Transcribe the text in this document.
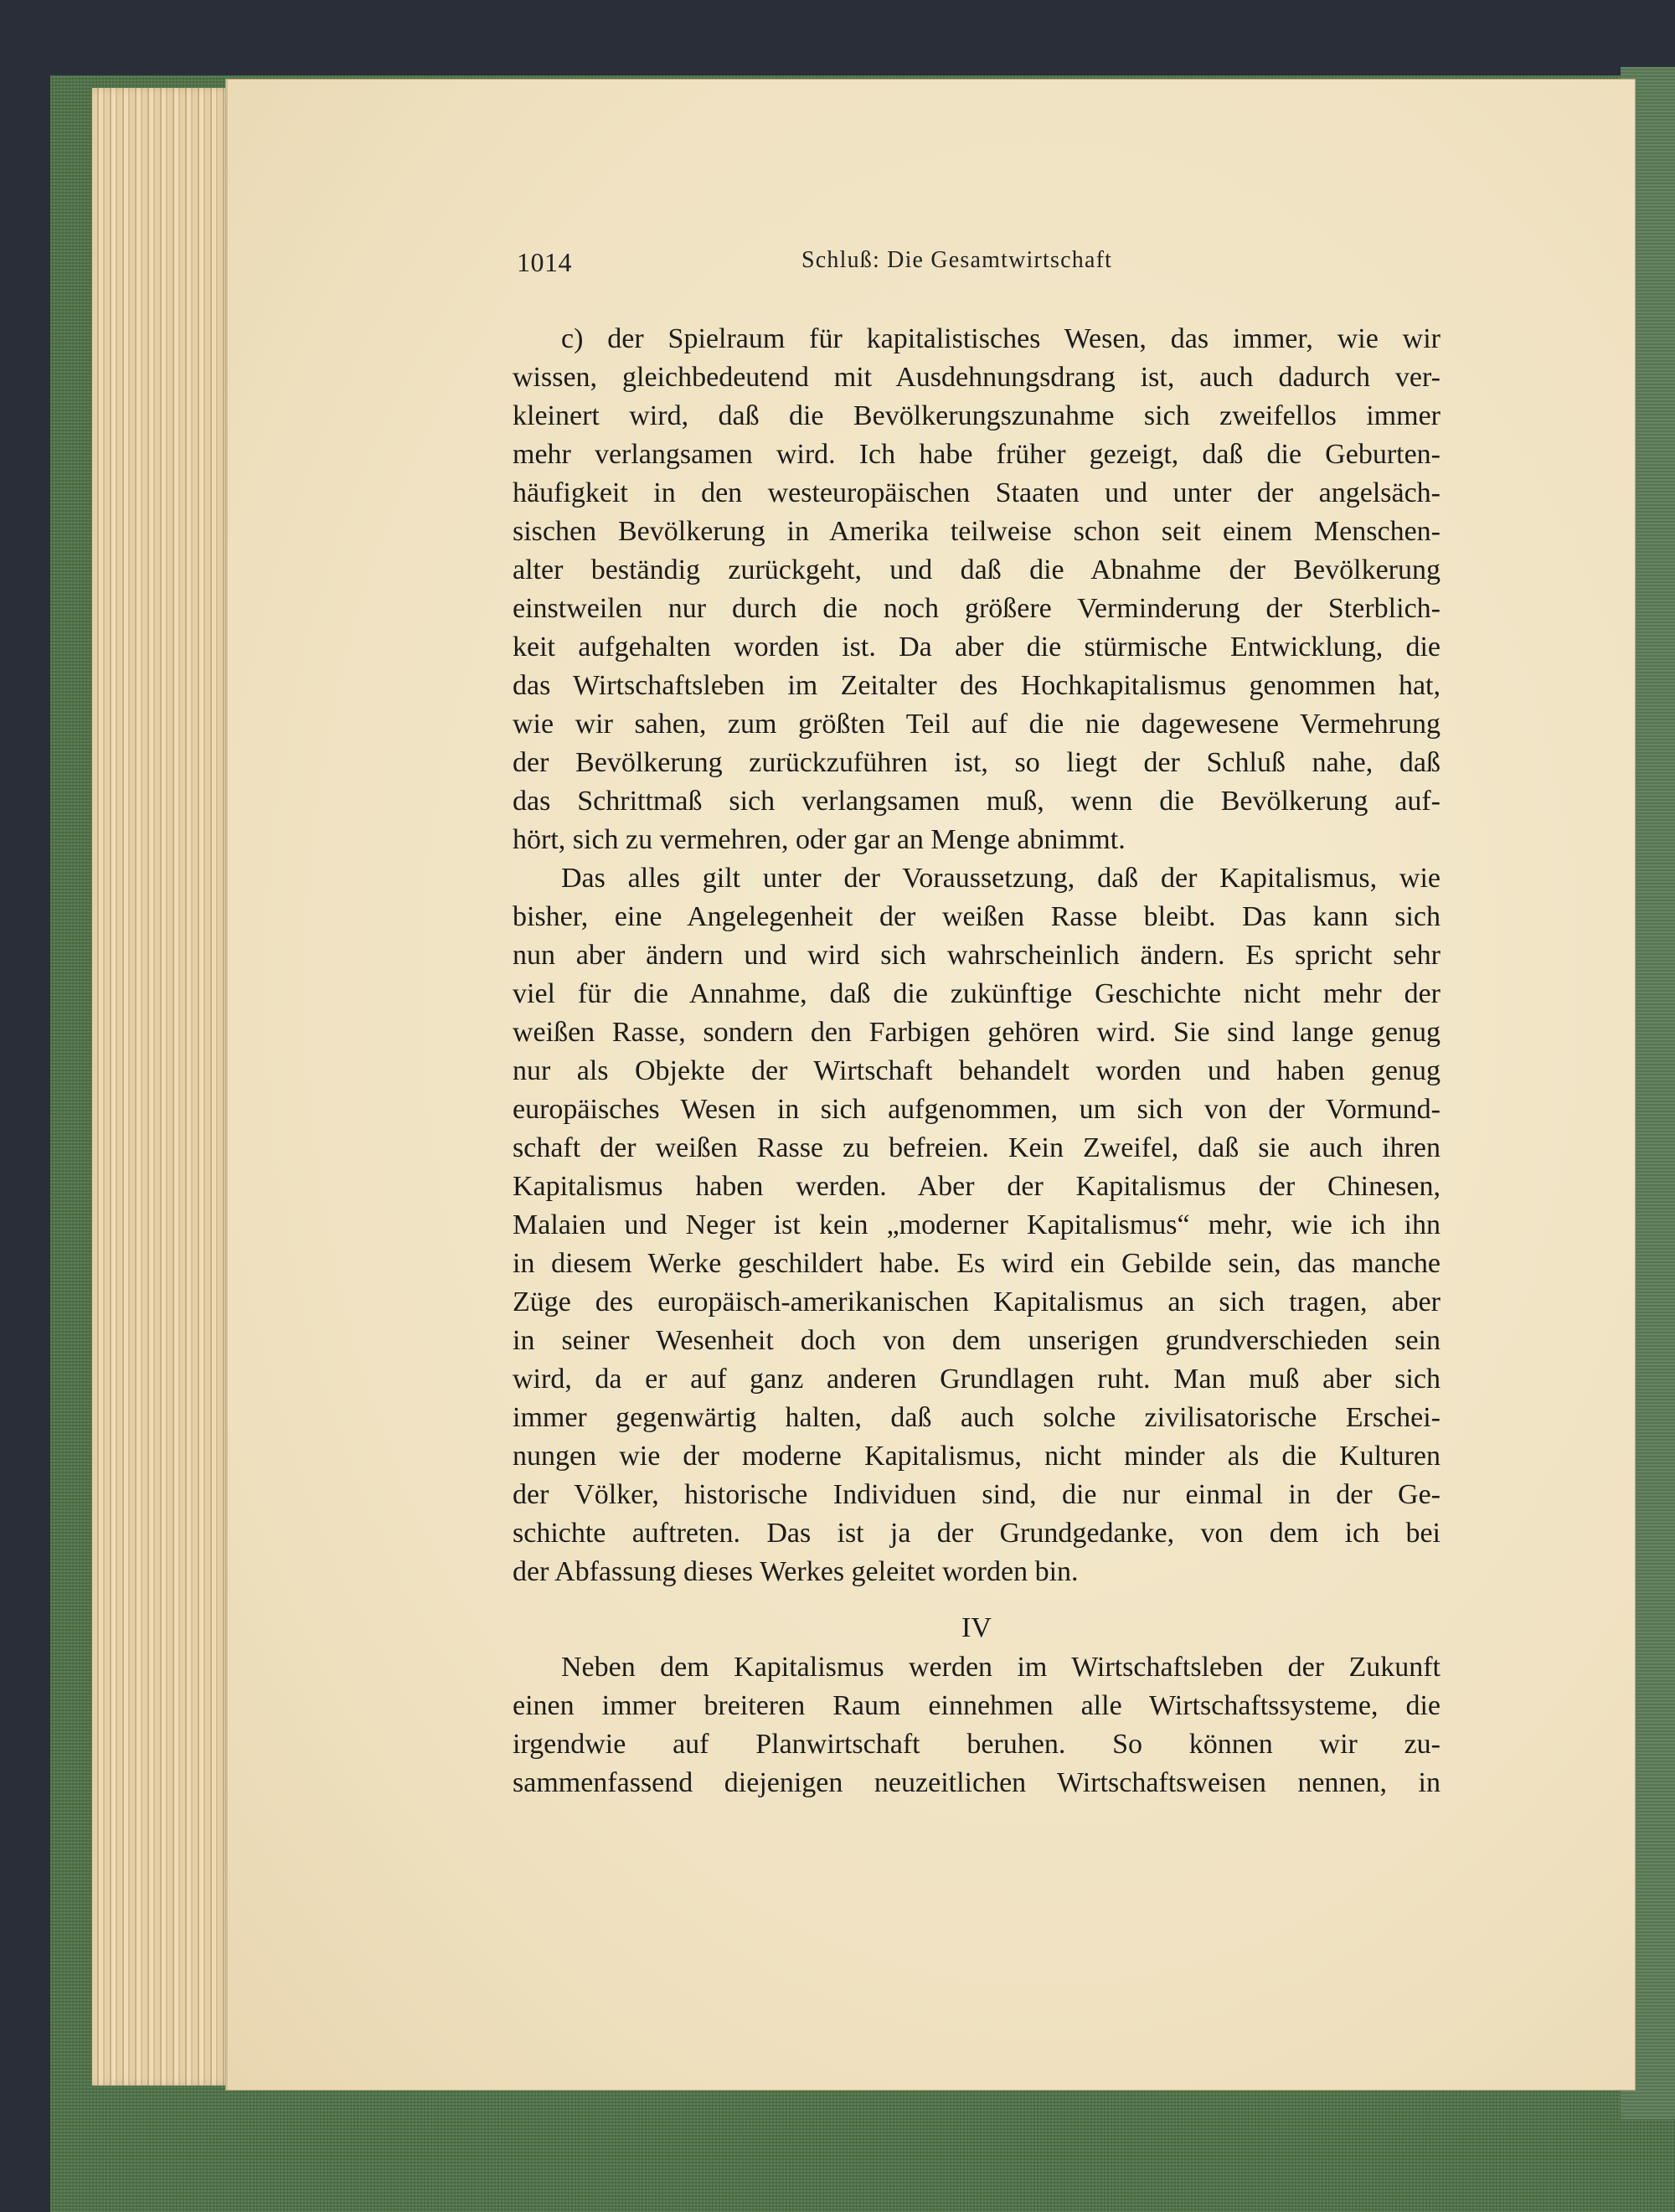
1014	Schluß: Die Gesamtwirtschaft
c) der Spielraum für kapitalistisches Wesen, das immer, wie wir
wissen, gleichbedeutend mit Ausdehnungsdrang ist, auch dadurch ver-
kleinert wird, daß die Bevölkerungszunahme sich zweifellos immer
mehr verlangsamen wird. Ich habe früher gezeigt, daß die Geburten-
häufigkeit in den westeuropäischen Staaten und unter der angelsäch-
sischen Bevölkerung in Amerika teilweise schon seit einem Menschen-
alter beständig zurückgeht, und daß die Abnahme der Bevölkerung
einstweilen nur durch die noch größere Verminderung der Sterblich-
keit aufgehalten worden ist. Da aber die stürmische Entwicklung, die
das Wirtschaftsleben im Zeitalter des Hochkapitalismus genommen hat,
wie wir sahen, zum größten Teil auf die nie dagewesene Vermehrung
der Bevölkerung zurückzuführen ist, so liegt der Schluß nahe, daß
das Schrittmaß sich verlangsamen muß, wenn die Bevölkerung auf-
hört, sich zu vermehren, oder gar an Menge abnimmt.
Das alles gilt unter der Voraussetzung, daß der Kapitalismus, wie
bisher, eine Angelegenheit der weißen Rasse bleibt. Das kann sich
nun aber ändern und wird sich wahrscheinlich ändern. Es spricht sehr
viel für die Annahme, daß die zukünftige Geschichte nicht mehr der
weißen Rasse, sondern den Farbigen gehören wird. Sie sind lange genug
nur als Objekte der Wirtschaft behandelt worden und haben genug
europäisches Wesen in sich aufgenommen, um sich von der Vormund-
schaft der weißen Rasse zu befreien. Kein Zweifel, daß sie auch ihren
Kapitalismus haben werden. Aber der Kapitalismus der Chinesen,
Malaien und Neger ist kein „moderner Kapitalismus“ mehr, wie ich ihn
in diesem Werke geschildert habe. Es wird ein Gebilde sein, das manche
Züge des europäisch-amerikanischen Kapitalismus an sich tragen, aber
in seiner Wesenheit doch von dem unserigen grundverschieden sein
wird, da er auf ganz anderen Grundlagen ruht. Man muß aber sich
immer gegenwärtig halten, daß auch solche zivilisatorische Erschei-
nungen wie der moderne Kapitalismus, nicht minder als die Kulturen
der Völker, historische Individuen sind, die nur einmal in der Ge-
schichte auftreten. Das ist ja der Grundgedanke, von dem ich bei
der Abfassung dieses Werkes geleitet worden bin.
IV
Neben dem Kapitalismus werden im Wirtschaftsleben der Zukunft
einen immer breiteren Raum einnehmen alle Wirtschaftssysteme, die
irgendwie auf Planwirtschaft beruhen. So können wir zu-
sammenfassend diejenigen neuzeitlichen Wirtschaftsweisen nennen, in
